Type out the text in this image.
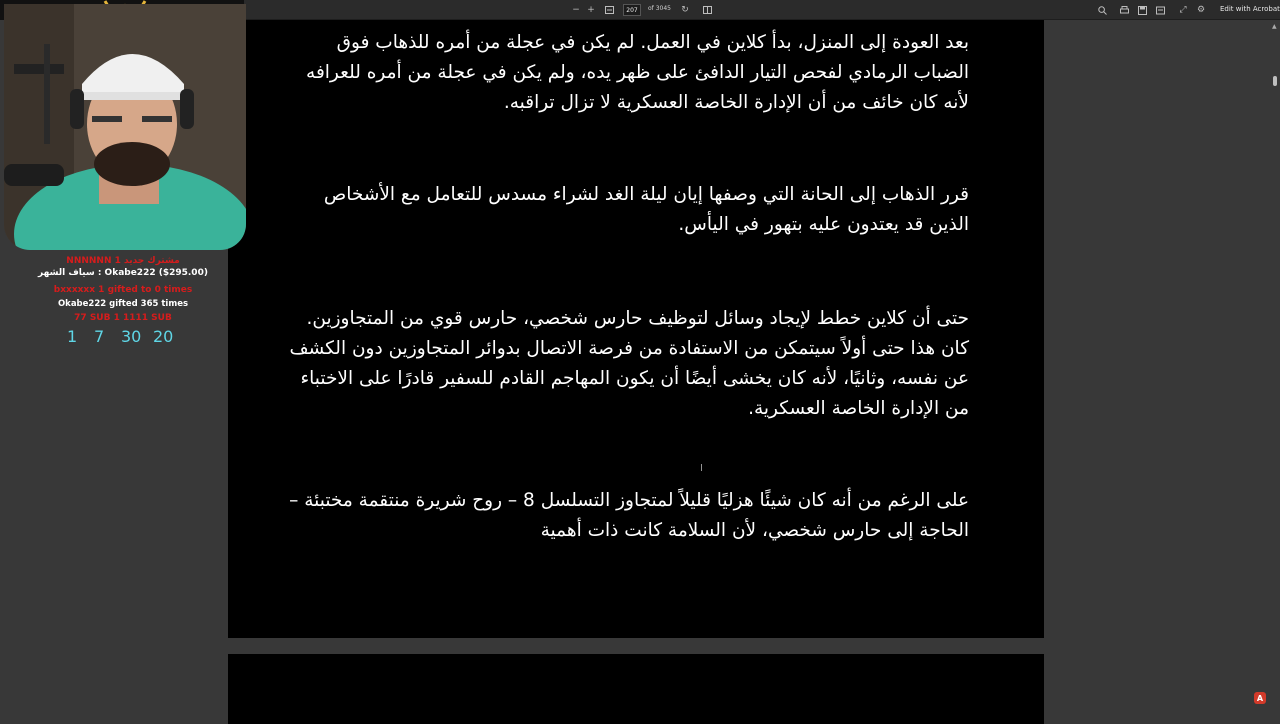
− +	207	of 3045 ↻	⤢ ⚙ Edit with Acrobat

بعد العودة إلى المنزل، بدأ كلاين في العمل. لم يكن في عجلة من أمره للذهاب فوق الضباب الرمادي لفحص التيار الدافئ على ظهر يده، ولم يكن في عجلة من أمره للعرافه لأنه كان خائف من أن الإدارة الخاصة العسكرية لا تزال تراقبه.

قرر الذهاب إلى الحانة التي وصفها إيان ليلة الغد لشراء مسدس للتعامل مع الأشخاص الذين قد يعتدون عليه بتهور في اليأس.

حتى أن كلاين خطط لإيجاد وسائل لتوظيف حارس شخصي، حارس قوي من المتجاوزين. كان هذا حتى أولاً سيتمكن من الاستفادة من فرصة الاتصال بدوائر المتجاوزين دون الكشف عن نفسه، وثانيًا، لأنه كان يخشى أيضًا أن يكون المهاجم القادم للسفير قادرًا على الاختباء من الإدارة الخاصة العسكرية.

على الرغم من أنه كان شيئًا هزليًا قليلاً لمتجاوز التسلسل 8 – روح شريرة منتقمة مختبئة – الحاجة إلى حارس شخصي، لأن السلامة كانت ذات أهمية

I
▲
A
NNNNNN 1 مشترك جديد
سياف الشهر : Okabe222 ($295.00)
bxxxxxx 1 gifted to 0 times
Okabe222 gifted 365 times
77 SUB 1 1111 SUB
1 7 30 20
